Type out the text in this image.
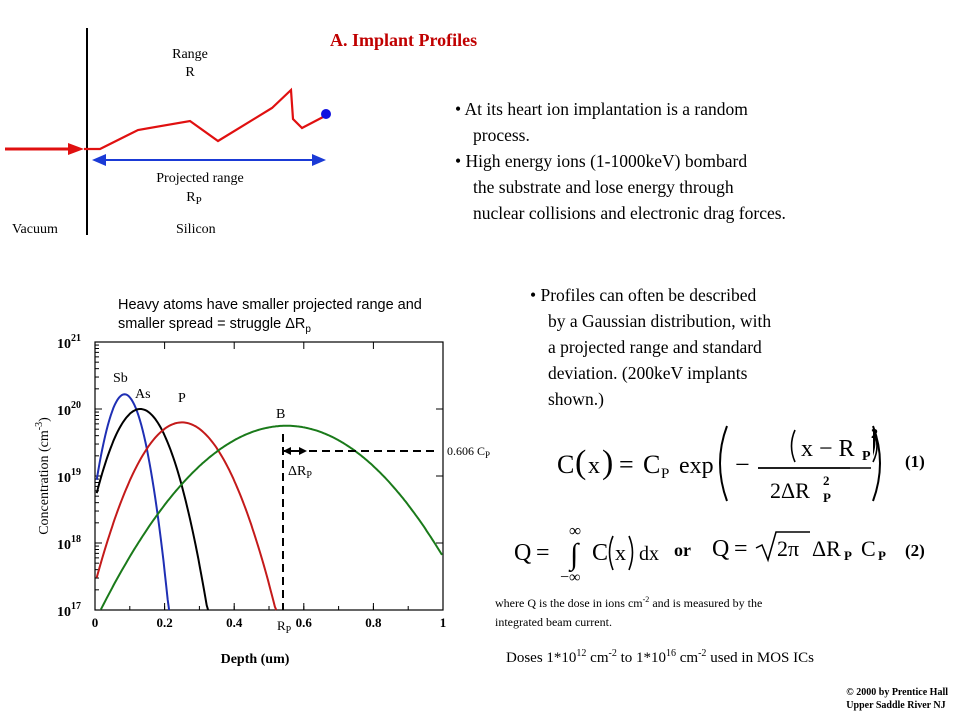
A. Implant Profiles
Range
R
Projected range
$R_P$
Vacuum	Silicon
• At its heart ion implantation is a random
process.
• High energy ions (1-1000keV) bombard
the substrate and lose energy through
nuclear collisions and electronic drag forces.
Heavy atoms have smaller projected range and
smaller spread = struggle $\Delta R_p$
• Profiles can often be described
by a Gaussian distribution, with
a projected range and standard
deviation. (200keV implants
shown.)
0	0.2	0.4	0.6	0.8	1
$10^{17}$
$10^{18}$
$10^{19}$
$10^{20}$
$10^{21}$
Concentration $(cm^{-3})$
Depth (um)
Sb
As P
B
$\Delta R_P$
0.606 $C_P$
$R_P$
C ( x ) = C P exp −
x − R P
2ΔR P
2
2
(1)
Q =
∞
∫
−∞
C x dx or Q = 2π ΔR P C P (2)
where Q is the dose in ions $cm^{-2}$ and is measured by the
integrated beam current.
Doses $1*10^{12}$ $cm^{-2}$ to $1*10^{16}$ $cm^{-2}$ used in MOS ICs
© 2000 by Prentice Hall
Upper Saddle River NJ
